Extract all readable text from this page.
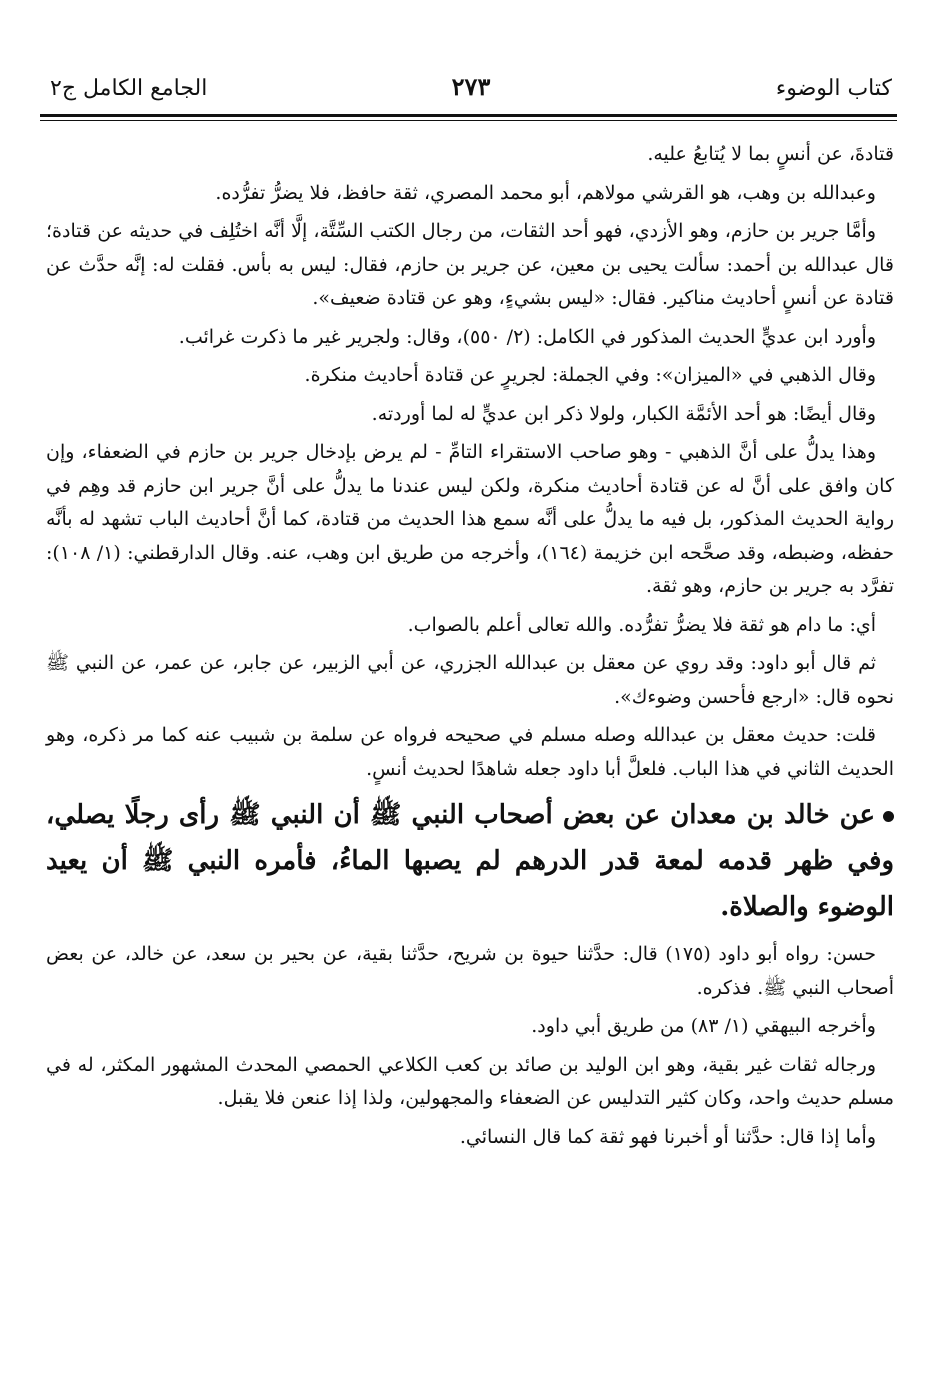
كتاب الوضوء
٢٧٣
الجامع الكامل ج٢

قتادةَ، عن أنسٍ بما لا يُتابعُ عليه.

وعبدالله بن وهب، هو القرشي مولاهم، أبو محمد المصري، ثقة حافظ، فلا يضرُّ تفرُّده.

وأمَّا جرير بن حازم، وهو الأزدي، فهو أحد الثقات، من رجال الكتب السِّتَّة، إلَّا أنَّه اختُلِف في حديثه عن قتادة؛ قال عبدالله بن أحمد: سألت يحيى بن معين، عن جرير بن حازم، فقال: ليس به بأس. فقلت له: إنَّه حدَّث عن قتادة عن أنسٍ أحاديث مناكير. فقال: «ليس بشيءٍ، وهو عن قتادة ضعيف».

وأورد ابن عديٍّ الحديث المذكور في الكامل: (٢/ ٥٥٠)، وقال: ولجرير غير ما ذكرت غرائب.

وقال الذهبي في «الميزان»: وفي الجملة: لجريرٍ عن قتادة أحاديث منكرة.

وقال أيضًا: هو أحد الأئمَّة الكبار، ولولا ذكر ابن عديٍّ له لما أوردته.

وهذا يدلُّ على أنَّ الذهبي - وهو صاحب الاستقراء التامِّ - لم يرض بإدخال جرير بن حازم في الضعفاء، وإن كان وافق على أنَّ له عن قتادة أحاديث منكرة، ولكن ليس عندنا ما يدلُّ على أنَّ جرير ابن حازم قد وهِم في رواية الحديث المذكور، بل فيه ما يدلُّ على أنَّه سمع هذا الحديث من قتادة، كما أنَّ أحاديث الباب تشهد له بأنَّه حفظه، وضبطه، وقد صحَّحه ابن خزيمة (١٦٤)، وأخرجه من طريق ابن وهب، عنه. وقال الدارقطني: (١/ ١٠٨): تفرَّد به جرير بن حازم، وهو ثقة.

أي: ما دام هو ثقة فلا يضرُّ تفرُّده. والله تعالى أعلم بالصواب.

ثم قال أبو داود: وقد روي عن معقل بن عبدالله الجزري، عن أبي الزبير، عن جابر، عن عمر، عن النبي ﷺ نحوه قال: «ارجع فأحسن وضوءك».

قلت: حديث معقل بن عبدالله وصله مسلم في صحيحه فرواه عن سلمة بن شبيب عنه كما مر ذكره، وهو الحديث الثاني في هذا الباب. فلعلَّ أبا داود جعله شاهدًا لحديث أنسٍ.

عن خالد بن معدان عن بعض أصحاب النبي ﷺ أن النبي ﷺ رأى رجلًا يصلي، وفي ظهر قدمه لمعة قدر الدرهم لم يصبها الماءُ، فأمره النبي ﷺ أن يعيد الوضوء والصلاة.

حسن: رواه أبو داود (١٧٥) قال: حدَّثنا حيوة بن شريح، حدَّثنا بقية، عن بحير بن سعد، عن خالد، عن بعض أصحاب النبي ﷺ. فذكره.

وأخرجه البيهقي (١/ ٨٣) من طريق أبي داود.

ورجاله ثقات غير بقية، وهو ابن الوليد بن صائد بن كعب الكلاعي الحمصي المحدث المشهور المكثر، له في مسلم حديث واحد، وكان كثير التدليس عن الضعفاء والمجهولين، ولذا إذا عنعن فلا يقبل.

وأما إذا قال: حدَّثنا أو أخبرنا فهو ثقة كما قال النسائي.
